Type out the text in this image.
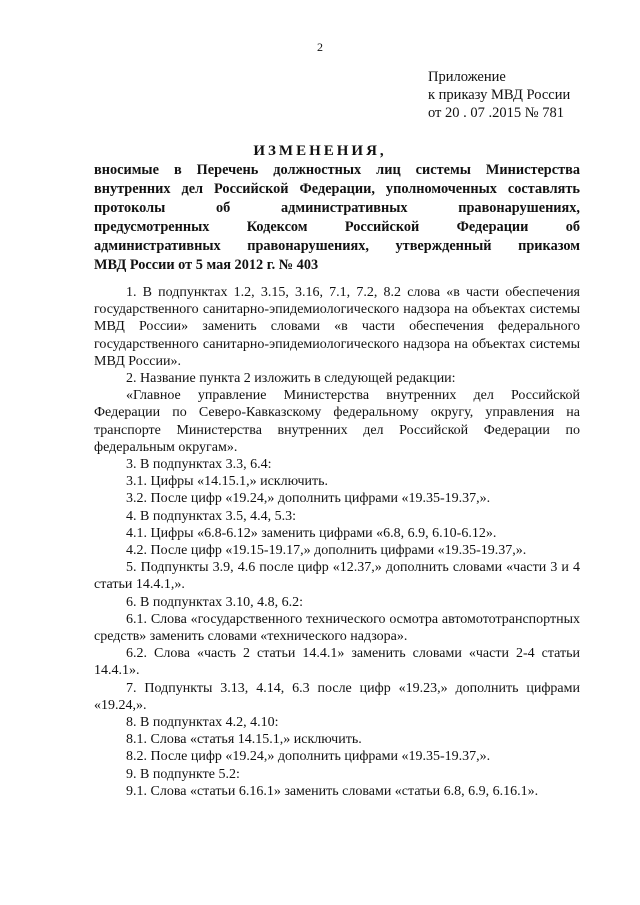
2
Приложение
к приказу МВД России
от 20 . 07 .2015 № 781
ИЗМЕНЕНИЯ,
вносимые в Перечень должностных лиц системы Министерства
внутренних дел Российской Федерации, уполномоченных составлять
протоколы об административных правонарушениях,
предусмотренных Кодексом Российской Федерации об
административных правонарушениях, утвержденный приказом
МВД России от 5 мая 2012 г. № 403

1. В подпунктах 1.2, 3.15, 3.16, 7.1, 7.2, 8.2 слова «в части обеспечения государственного санитарно-эпидемиологического надзора на объектах системы МВД России» заменить словами «в части обеспечения федерального государственного санитарно-эпидемиологического надзора на объектах системы МВД России».

2. Название пункта 2 изложить в следующей редакции:

«Главное управление Министерства внутренних дел Российской Федерации по Северо-Кавказскому федеральному округу, управления на транспорте Министерства внутренних дел Российской Федерации по федеральным округам».

3. В подпунктах 3.3, 6.4:

3.1. Цифры «14.15.1,» исключить.

3.2. После цифр «19.24,» дополнить цифрами «19.35-19.37,».

4. В подпунктах 3.5, 4.4, 5.3:

4.1. Цифры «6.8-6.12» заменить цифрами «6.8, 6.9, 6.10-6.12».

4.2. После цифр «19.15-19.17,» дополнить цифрами «19.35-19.37,».

5. Подпункты 3.9, 4.6 после цифр «12.37,» дополнить словами «части 3 и 4 статьи 14.4.1,».

6. В подпунктах 3.10, 4.8, 6.2:

6.1. Слова «государственного технического осмотра автомототранспортных средств» заменить словами «технического надзора».

6.2. Слова «часть 2 статьи 14.4.1» заменить словами «части 2-4 статьи 14.4.1».

7. Подпункты 3.13, 4.14, 6.3 после цифр «19.23,» дополнить цифрами «19.24,».

8. В подпунктах 4.2, 4.10:

8.1. Слова «статья 14.15.1,» исключить.

8.2. После цифр «19.24,» дополнить цифрами «19.35-19.37,».

9. В подпункте 5.2:

9.1. Слова «статьи 6.16.1» заменить словами «статьи 6.8, 6.9, 6.16.1».
